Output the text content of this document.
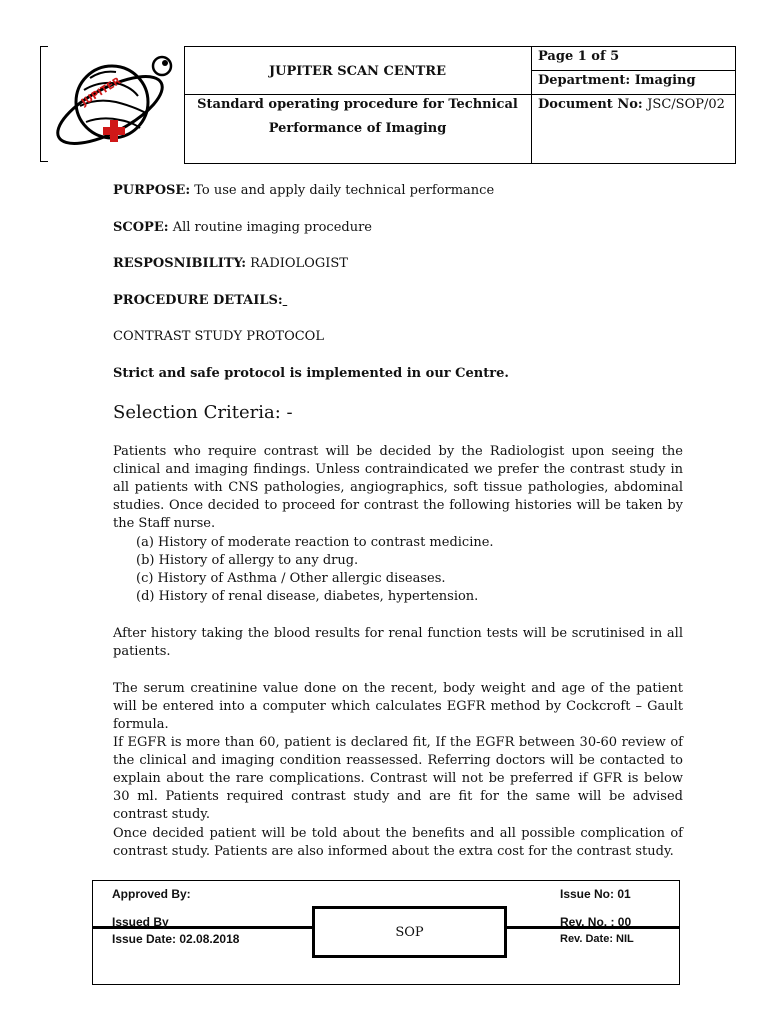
JUPITER
JUPITER SCAN CENTRE
Standard operating procedure for Technical
Performance of Imaging
Page 1 of 5
Department: Imaging
Document No: JSC/SOP/02
PURPOSE: To use and apply daily technical performance
SCOPE: All routine imaging procedure
RESPOSNIBILITY: RADIOLOGIST
PROCEDURE DETAILS:
CONTRAST STUDY PROTOCOL
Strict and safe protocol is implemented in our Centre.
Selection Criteria: -
Patients who require contrast will be decided by the Radiologist upon seeing the clinical and imaging findings. Unless contraindicated we prefer the contrast study in all patients with CNS pathologies, angiographics, soft tissue pathologies, abdominal studies. Once decided to proceed for contrast the following histories will be taken by the Staff nurse.
(a) History of moderate reaction to contrast medicine.
(b) History of allergy to any drug.
(c) History of Asthma / Other allergic diseases.
(d) History of renal disease, diabetes, hypertension.
After history taking the blood results for renal function tests will be scrutinised in all patients.
The serum creatinine value done on the recent, body weight and age of the patient will be entered into a computer which calculates EGFR method by Cockcroft – Gault formula.
If EGFR is more than 60, patient is declared fit, If the EGFR between 30-60 review of the clinical and imaging condition reassessed. Referring doctors will be contacted to explain about the rare complications. Contrast will not be preferred if GFR is below 30 ml. Patients required contrast study and are fit for the same will be advised contrast study.
Once decided patient will be told about the benefits and all possible complication of contrast study. Patients are also informed about the extra cost for the contrast study.
Approved By:	Issue No: 01
Issued By	Rev. No. : 00
Issue Date: 02.08.2018	Rev. Date: NIL
SOP
